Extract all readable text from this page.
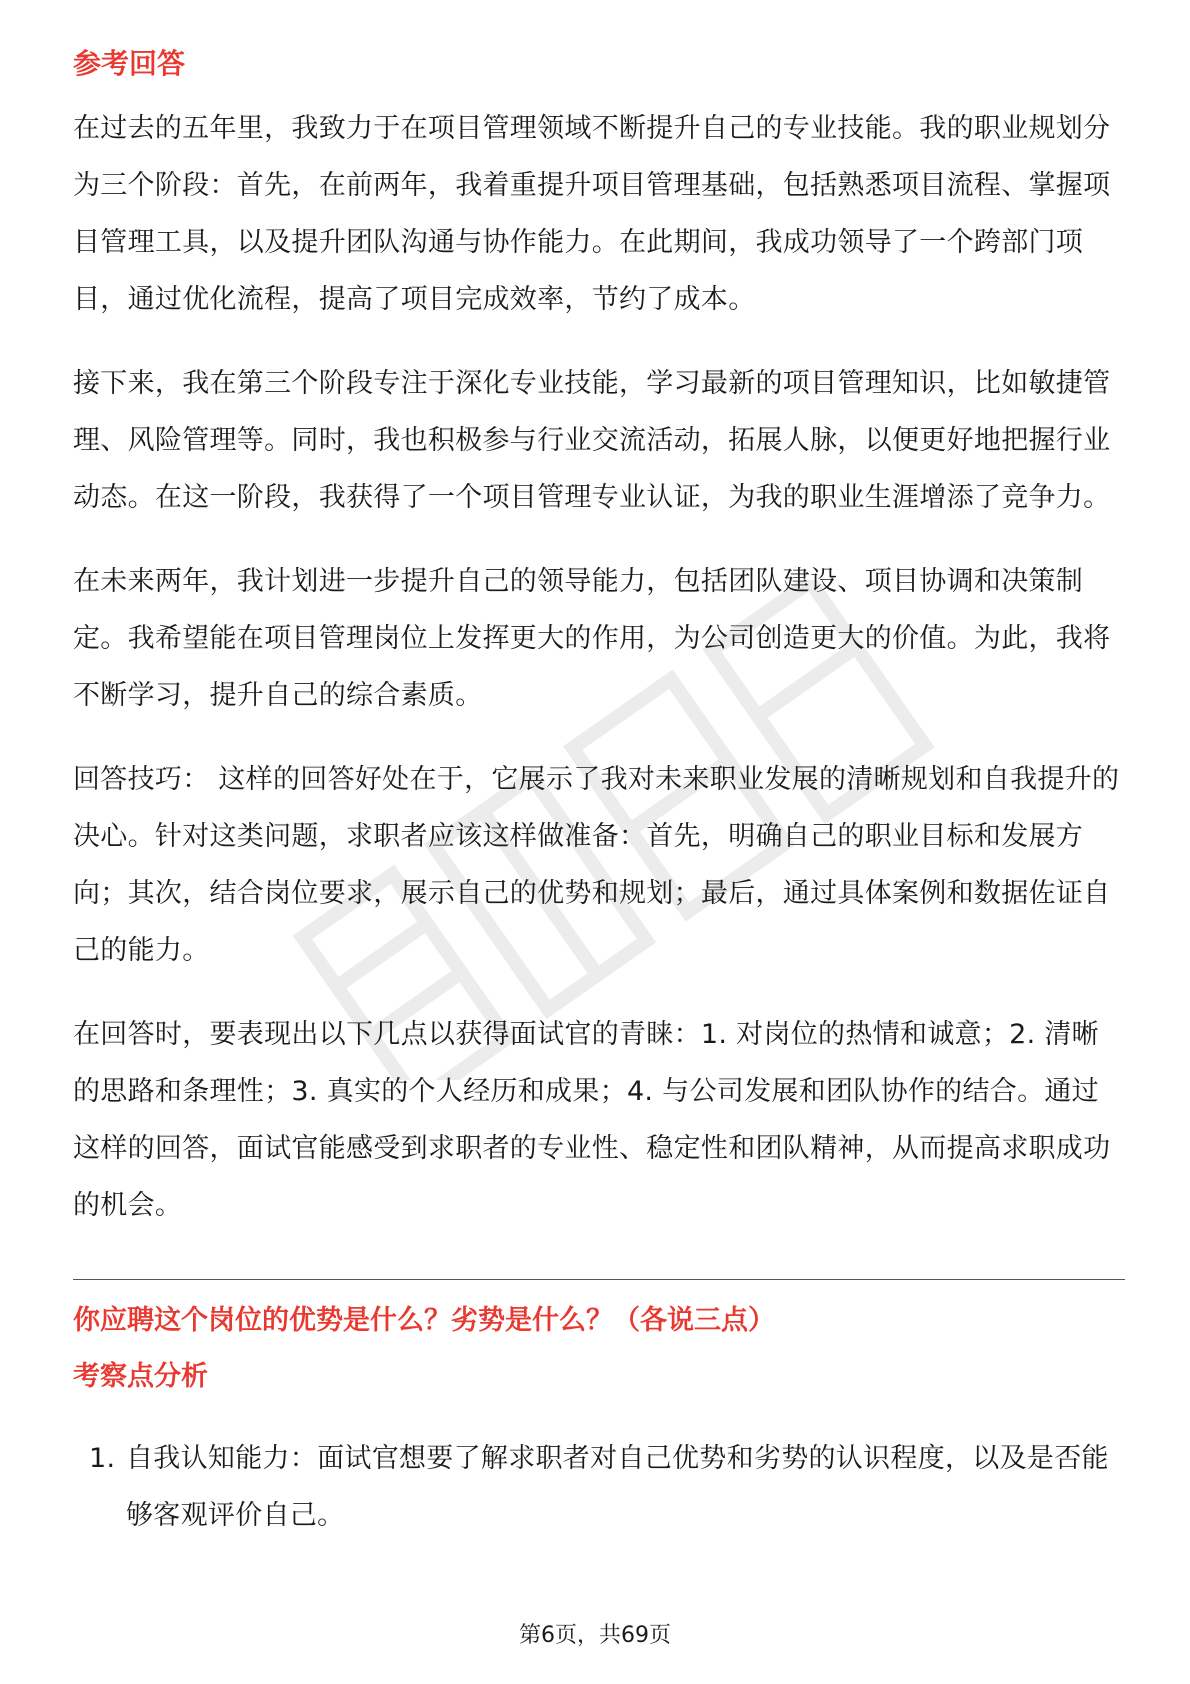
参考回答

在过去的五年里，我致力于在项目管理领域不断提升自己的专业技能。我的职业规划分为三个阶段：首先，在前两年，我着重提升项目管理基础，包括熟悉项目流程、掌握项目管理工具，以及提升团队沟通与协作能力。在此期间，我成功领导了一个跨部门项目，通过优化流程，提高了项目完成效率，节约了成本。

接下来，我在第三个阶段专注于深化专业技能，学习最新的项目管理知识，比如敏捷管理、风险管理等。同时，我也积极参与行业交流活动，拓展人脉，以便更好地把握行业动态。在这一阶段，我获得了一个项目管理专业认证，为我的职业生涯增添了竞争力。

在未来两年，我计划进一步提升自己的领导能力，包括团队建设、项目协调和决策制定。我希望能在项目管理岗位上发挥更大的作用，为公司创造更大的价值。为此，我将不断学习，提升自己的综合素质。

回答技巧： 这样的回答好处在于，它展示了我对未来职业发展的清晰规划和自我提升的决心。针对这类问题，求职者应该这样做准备：首先，明确自己的职业目标和发展方向；其次，结合岗位要求，展示自己的优势和规划；最后，通过具体案例和数据佐证自己的能力。

在回答时，要表现出以下几点以获得面试官的青睐：1. 对岗位的热情和诚意；2. 清晰的思路和条理性；3. 真实的个人经历和成果；4. 与公司发展和团队协作的结合。通过这样的回答，面试官能感受到求职者的专业性、稳定性和团队精神，从而提高求职成功的机会。

你应聘这个岗位的优势是什么？劣势是什么？（各说三点）
考察点分析
1. 自我认知能力：面试官想要了解求职者对自己优势和劣势的认识程度，以及是否能够客观评价自己。
第6页，共69页
